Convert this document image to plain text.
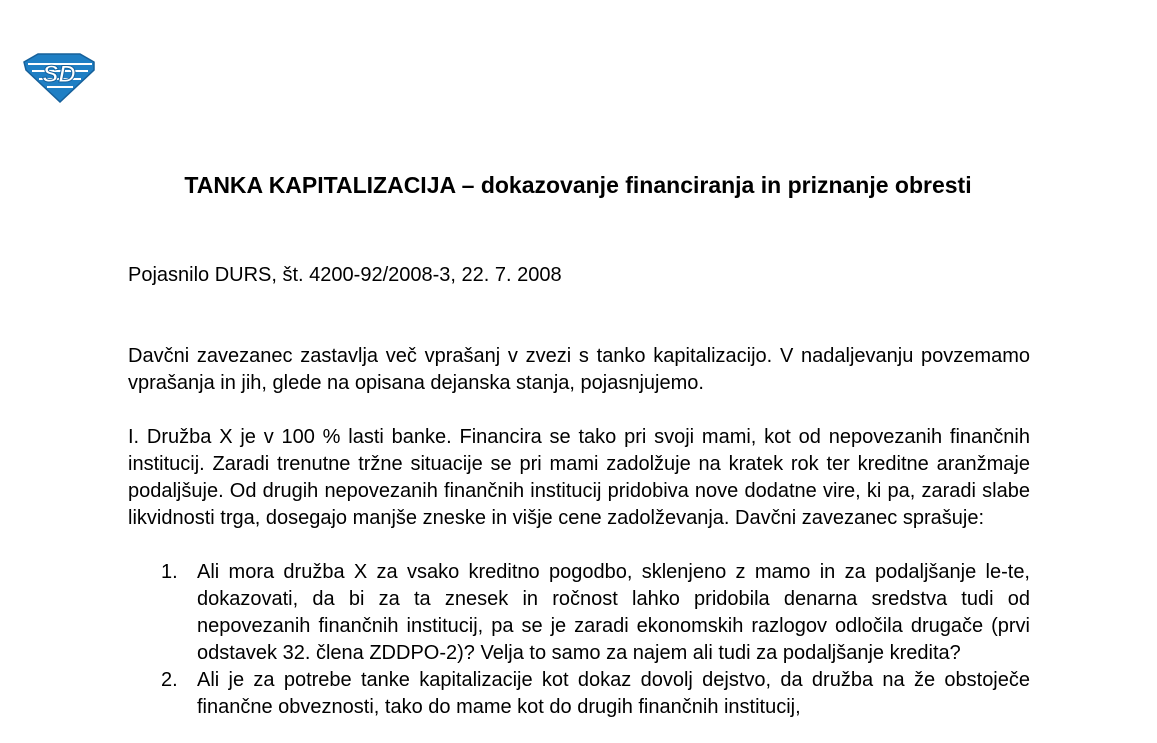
SD
TANKA KAPITALIZACIJA – dokazovanje financiranja in priznanje obresti
Pojasnilo DURS, št. 4200-92/2008-3, 22. 7. 2008
Davčni zavezanec zastavlja več vprašanj v zvezi s tanko kapitalizacijo. V nadaljevanju povzemamo vprašanja in jih, glede na opisana dejanska stanja, pojasnjujemo.
I. Družba X je v 100 % lasti banke. Financira se tako pri svoji mami, kot od nepovezanih finančnih institucij. Zaradi trenutne tržne situacije se pri mami zadolžuje na kratek rok ter kreditne aranžmaje podaljšuje. Od drugih nepovezanih finančnih institucij pridobiva nove dodatne vire, ki pa, zaradi slabe likvidnosti trga, dosegajo manjše zneske in višje cene zadolževanja. Davčni zavezanec sprašuje:
1. Ali mora družba X za vsako kreditno pogodbo, sklenjeno z mamo in za podaljšanje le-te, dokazovati, da bi za ta znesek in ročnost lahko pridobila denarna sredstva tudi od nepovezanih finančnih institucij, pa se je zaradi ekonomskih razlogov odločila drugače (prvi odstavek 32. člena ZDDPO-2)? Velja to samo za najem ali tudi za podaljšanje kredita?
2. Ali je za potrebe tanke kapitalizacije kot dokaz dovolj dejstvo, da družba na že obstoječe finančne obveznosti, tako do mame kot do drugih finančnih institucij,
